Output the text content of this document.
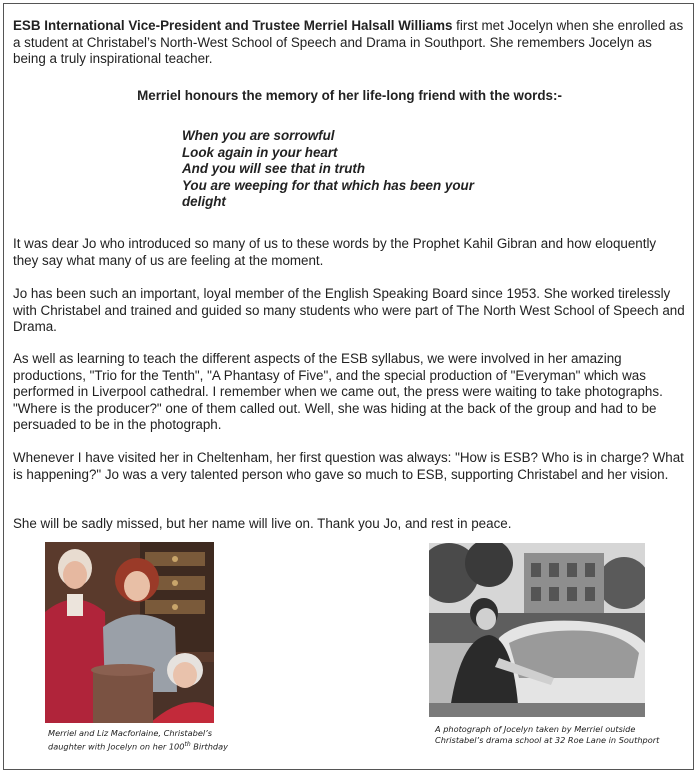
ESB International Vice-President and Trustee Merriel Halsall Williams first met Jocelyn when she enrolled as a student at Christabel’s North-West School of Speech and Drama in Southport. She remembers Jocelyn as being a truly inspirational teacher.

Merriel honours the memory of her life-long friend with the words:-

When you are sorrowful
Look again in your heart
And you will see that in truth
You are weeping for that which has been your
delight

It was dear Jo who introduced so many of us to these words by the Prophet Kahil Gibran and how eloquently they say what many of us are feeling at the moment.

Jo has been such an important, loyal member of the English Speaking Board since 1953. She worked tirelessly with Christabel and trained and guided so many students who were part of The North West School of Speech and Drama.

As well as learning to teach the different aspects of the ESB syllabus, we were involved in her amazing productions, "Trio for the Tenth", "A Phantasy of Five", and the special production of "Everyman" which was performed in Liverpool cathedral. I remember when we came out, the press were waiting to take photographs. "Where is the producer?" one of them called out. Well, she was hiding at the back of the group and had to be persuaded to be in the photograph.

Whenever I have visited her in Cheltenham, her first question was always: "How is ESB? Who is in charge? What is happening?" Jo was a very talented person who gave so much to ESB, supporting Christabel and her vision.

She will be sadly missed, but her name will live on. Thank you Jo, and rest in peace.

Merriel and Liz Macforlaine, Christabel’s
daughter with Jocelyn on her 100th Birthday
A photograph of Jocelyn taken by Merriel outside
Christabel’s drama school at 32 Roe Lane in Southport
